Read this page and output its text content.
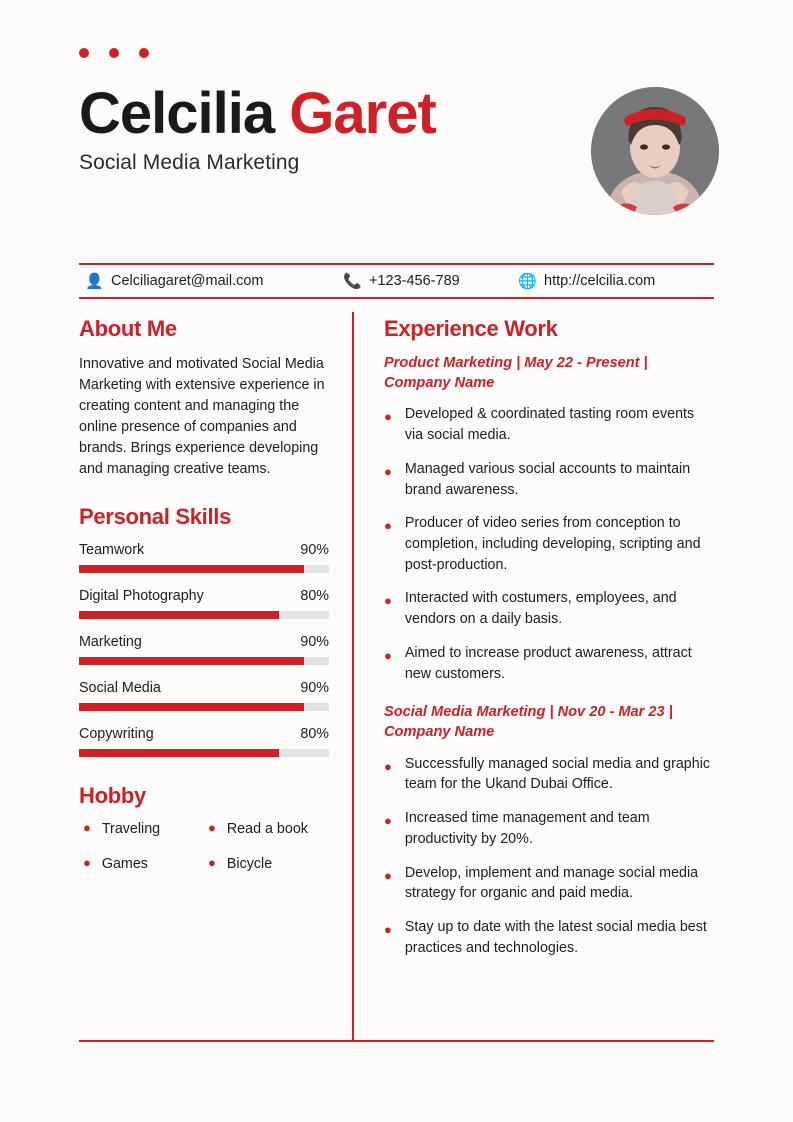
Celcilia Garet
Social Media Marketing
👤 Celciliagaret@mail.com	📞 +123-456-789	🌐 http://celcilia.com
About Me

Innovative and motivated Social Media Marketing with extensive experience in creating content and managing the online presence of companies and brands. Brings experience developing and managing creative teams.

Personal Skills
Teamwork	90%
Digital Photography	80%
Marketing	90%
Social Media	90%
Copywriting	80%
Hobby
● Traveling	● Read a book
● Games	● Bicycle
Experience Work
Product Marketing | May 22 - Present | Company Name
● Developed & coordinated tasting room events via social media.
● Managed various social accounts to maintain brand awareness.
● Producer of video series from conception to completion, including developing, scripting and post-production.
● Interacted with costumers, employees, and vendors on a daily basis.
● Aimed to increase product awareness, attract new customers.
Social Media Marketing | Nov 20 - Mar 23 | Company Name
● Successfully managed social media and graphic team for the Ukand Dubai Office.
● Increased time management and team productivity by 20%.
● Develop, implement and manage social media strategy for organic and paid media.
● Stay up to date with the latest social media best practices and technologies.
